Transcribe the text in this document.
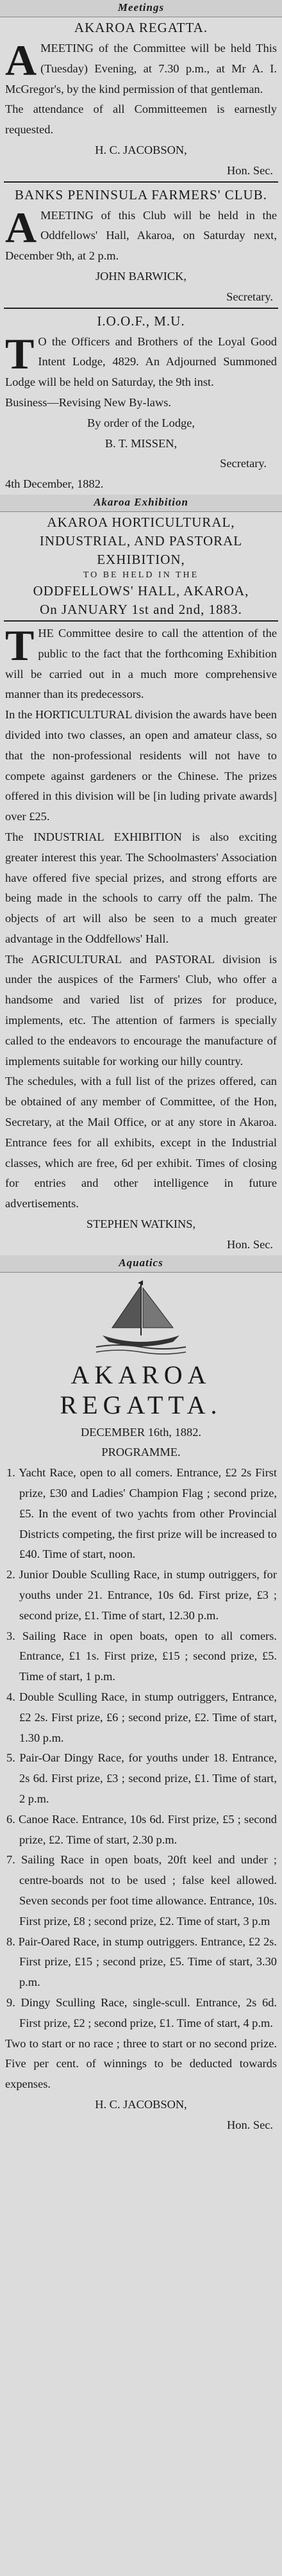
Meetings
AKAROA REGATTA.

AMEETING of the Committee will be held This (Tuesday) Evening, at 7.30 p.m., at Mr A. I. McGregor's, by the kind permission of that gentleman.

The attendance of all Committeemen is earnestly requested.

H. C. JACOBSON,

Hon. Sec.

BANKS PENINSULA FARMERS' CLUB.

AMEETING of this Club will be held in the Oddfellows' Hall, Akaroa, on Saturday next, December 9th, at 2 p.m.

JOHN BARWICK,

Secretary.

I.O.O.F., M.U.

T O the Officers and Brothers of the Loyal Good Intent Lodge, 4829. An Adjourned Summoned Lodge will be held on Saturday, the 9th inst.

Business—Revising New By-laws.

By order of the Lodge,

B. T. MISSEN,

Secretary.

4th December, 1882.

Akaroa Exhibition
AKAROA HORTICULTURAL,
INDUSTRIAL, AND PASTORAL
EXHIBITION,
TO BE HELD IN THE
ODDFELLOWS' HALL, AKAROA,
On JANUARY 1st and 2nd, 1883.

THE Committee desire to call the attention of the public to the fact that the forthcoming Exhibition will be carried out in a much more comprehensive manner than its predecessors.

In the HORTICULTURAL division the awards have been divided into two classes, an open and amateur class, so that the non-professional residents will not have to compete against gardeners or the Chinese. The prizes offered in this division will be [in luding private awards] over £25.

The INDUSTRIAL EXHIBITION is also exciting greater interest this year. The Schoolmasters' Association have offered five special prizes, and strong efforts are being made in the schools to carry off the palm. The objects of art will also be seen to a much greater advantage in the Oddfellows' Hall.

The AGRICULTURAL and PASTORAL division is under the auspices of the Farmers' Club, who offer a handsome and varied list of prizes for produce, implements, etc. The attention of farmers is specially called to the endeavors to encourage the manufacture of implements suitable for working our hilly country.

The schedules, with a full list of the prizes offered, can be obtained of any member of Committee, of the Hon, Secretary, at the Mail Office, or at any store in Akaroa. Entrance fees for all exhibits, except in the Industrial classes, which are free, 6d per exhibit. Times of closing for entries and other intelligence in future advertisements.

STEPHEN WATKINS,

Hon. Sec.

Aquatics
AKAROA REGATTA.

DECEMBER 16th, 1882.

PROGRAMME.

1. Yacht Race, open to all comers. Entrance, £2 2s First prize, £30 and Ladies' Champion Flag ; second prize, £5. In the event of two yachts from other Provincial Districts competing, the first prize will be increased to £40. Time of start, noon.

2. Junior Double Sculling Race, in stump outriggers, for youths under 21. Entrance, 10s 6d. First prize, £3 ; second prize, £1. Time of start, 12.30 p.m.

3. Sailing Race in open boats, open to all comers. Entrance, £1 1s. First prize, £15 ; second prize, £5. Time of start, 1 p.m.

4. Double Sculling Race, in stump outriggers, Entrance, £2 2s. First prize, £6 ; second prize, £2. Time of start, 1.30 p.m.

5. Pair-Oar Dingy Race, for youths under 18. Entrance, 2s 6d. First prize, £3 ; second prize, £1. Time of start, 2 p.m.

6. Canoe Race. Entrance, 10s 6d. First prize, £5 ; second prize, £2. Time of start, 2.30 p.m.

7. Sailing Race in open boats, 20ft keel and under ; centre-boards not to be used ; false keel allowed. Seven seconds per foot time allowance. Entrance, 10s. First prize, £8 ; second prize, £2. Time of start, 3 p.m

8. Pair-Oared Race, in stump outriggers. Entrance, £2 2s. First prize, £15 ; second prize, £5. Time of start, 3.30 p.m.

9. Dingy Sculling Race, single-scull. Entrance, 2s 6d. First prize, £2 ; second prize, £1. Time of start, 4 p.m.

Two to start or no race ; three to start or no second prize. Five per cent. of winnings to be deducted towards expenses.

H. C. JACOBSON,

Hon. Sec.
